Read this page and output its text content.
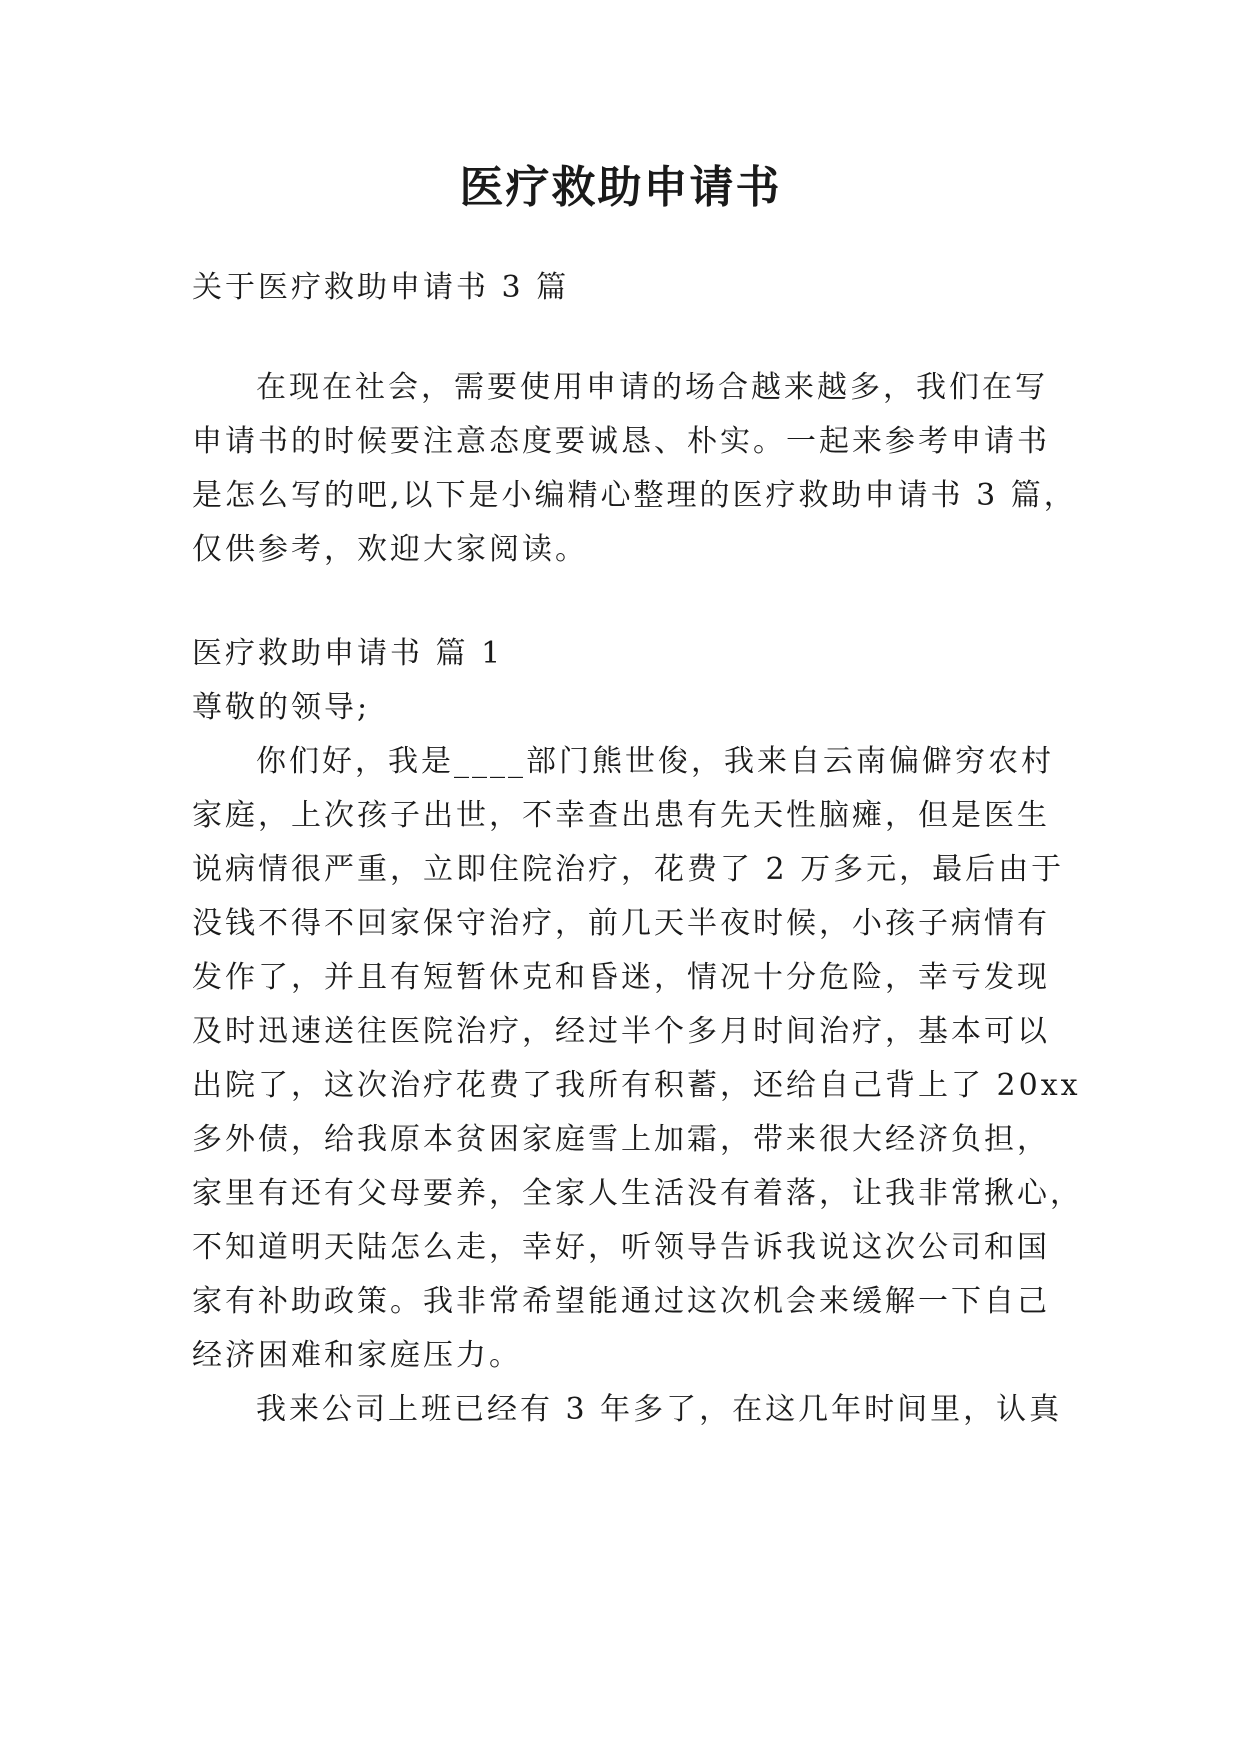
医疗救助申请书
关于医疗救助申请书 3 篇
在现在社会，需要使用申请的场合越来越多，我们在写
申请书的时候要注意态度要诚恳、朴实。一起来参考申请书
是怎么写的吧,以下是小编精心整理的医疗救助申请书 3 篇，
仅供参考，欢迎大家阅读。
医疗救助申请书 篇 1
尊敬的领导;
你们好，我是____部门熊世俊，我来自云南偏僻穷农村
家庭，上次孩子出世，不幸查出患有先天性脑瘫，但是医生
说病情很严重，立即住院治疗，花费了 2 万多元，最后由于
没钱不得不回家保守治疗，前几天半夜时候，小孩子病情有
发作了，并且有短暂休克和昏迷，情况十分危险，幸亏发现
及时迅速送往医院治疗，经过半个多月时间治疗，基本可以
出院了，这次治疗花费了我所有积蓄，还给自己背上了 20xx
多外债，给我原本贫困家庭雪上加霜，带来很大经济负担，
家里有还有父母要养，全家人生活没有着落，让我非常揪心，
不知道明天陆怎么走，幸好，听领导告诉我说这次公司和国
家有补助政策。我非常希望能通过这次机会来缓解一下自己
经济困难和家庭压力。
我来公司上班已经有 3 年多了，在这几年时间里，认真
